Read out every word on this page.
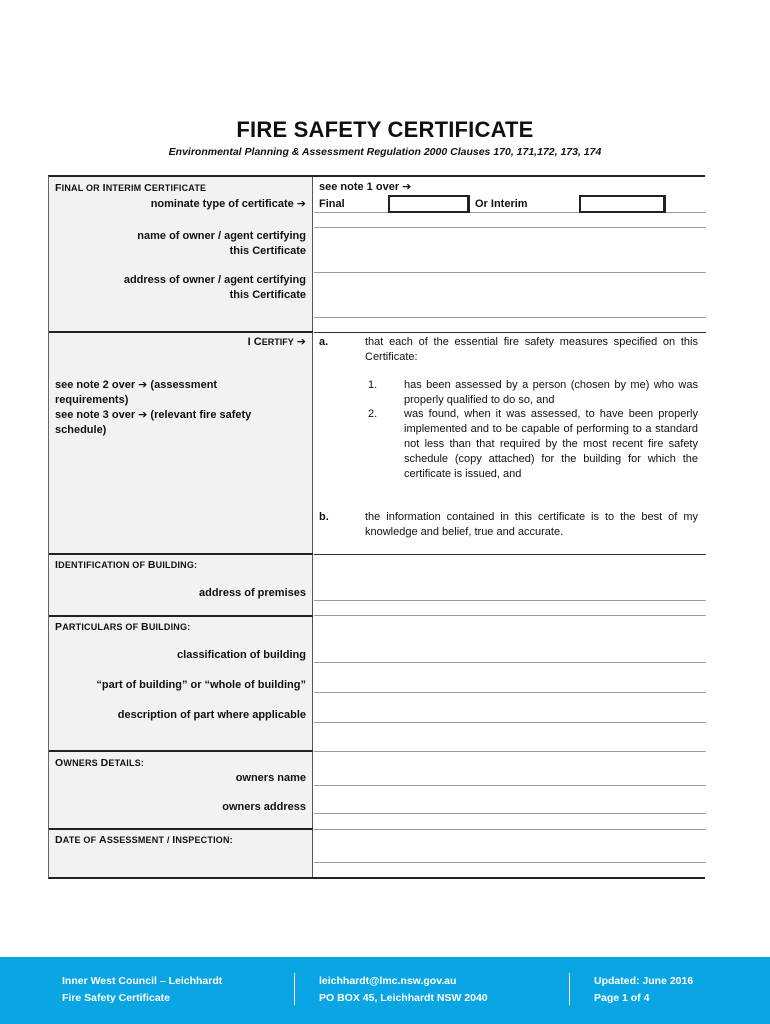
FIRE SAFETY CERTIFICATE
Environmental Planning & Assessment Regulation 2000 Clauses 170, 171,172, 173, 174
FINAL OR INTERIM CERTIFICATE
nominate type of certificate ➔
see note 1 over ➔
Final	Or Interim
name of owner / agent certifying
this Certificate
address of owner / agent certifying
this Certificate
I CERTIFY ➔
see note 2 over ➔ (assessment
requirements)
see note 3 over ➔ (relevant fire safety
schedule)
a.	that each of the essential fire safety measures specified on this Certificate:
1. has been assessed by a person (chosen by me) who was properly qualified to do so, and
2. was found, when it was assessed, to have been properly implemented and to be capable of performing to a standard not less than that required by the most recent fire safety schedule (copy attached) for the building for which the certificate is issued, and
b.	the information contained in this certificate is to the best of my knowledge and belief, true and accurate.
IDENTIFICATION OF BUILDING:
address of premises
PARTICULARS OF BUILDING:
classification of building
“part of building” or “whole of building”
description of part where applicable
OWNERS DETAILS:
owners name
owners address
DATE OF ASSESSMENT / INSPECTION:
Inner West Council – Leichhardt
Fire Safety Certificate
leichhardt@lmc.nsw.gov.au
PO BOX 45, Leichhardt NSW 2040
Updated: June 2016
Page 1 of 4
